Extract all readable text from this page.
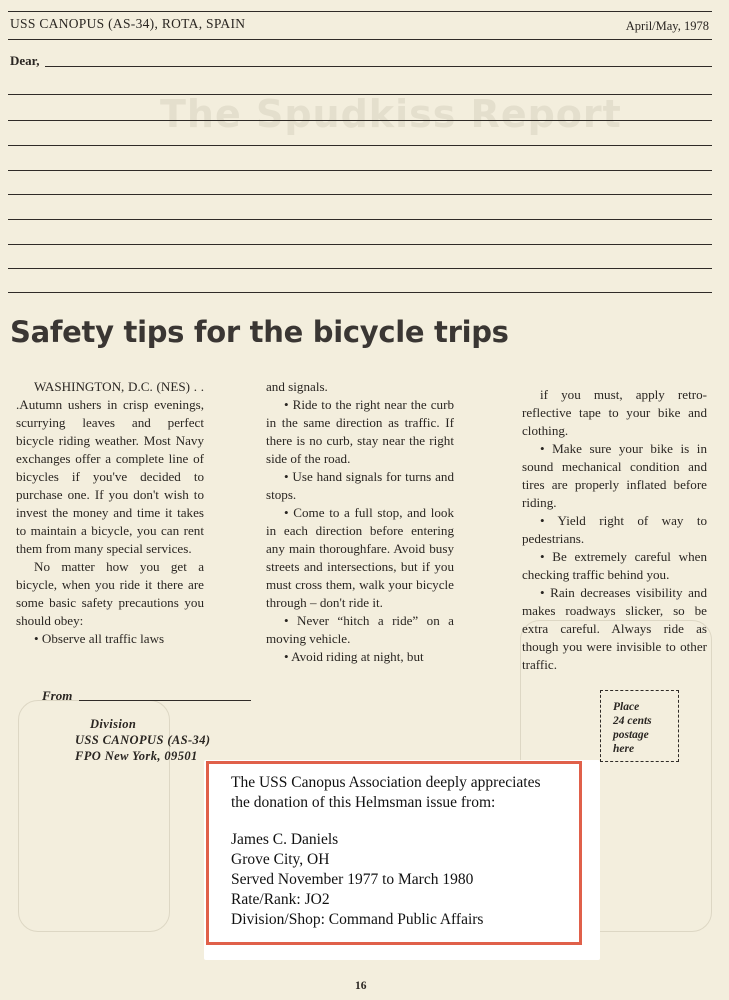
The Spudkiss Report
USS CANOPUS (AS-34), ROTA, SPAIN	April/May, 1978
Dear,
Safety tips for the bicycle trips

WASHINGTON, D.C. (NES) . . .Autumn ushers in crisp evenings, scurrying leaves and perfect bicycle riding weather. Most Navy exchanges offer a complete line of bicycles if you've decided to purchase one. If you don't wish to invest the money and time it takes to maintain a bicycle, you can rent them from many special services.

No matter how you get a bicycle, when you ride it there are some basic safety precautions you should obey:

• Observe all traffic laws

and signals.

• Ride to the right near the curb in the same direction as traffic. If there is no curb, stay near the right side of the road.

• Use hand signals for turns and stops.

• Come to a full stop, and look in each direction before entering any main thoroughfare. Avoid busy streets and intersections, but if you must cross them, walk your bicycle through – don't ride it.

• Never “hitch a ride” on a moving vehicle.

• Avoid riding at night, but

if you must, apply retro-reflective tape to your bike and clothing.

• Make sure your bike is in sound mechanical condition and tires are properly inflated before riding.

• Yield right of way to pedestrians.

• Be extremely careful when checking traffic behind you.

• Rain decreases visibility and makes roadways slicker, so be extra careful. Always ride as though you were invisible to other traffic.

From
Division
USS CANOPUS (AS-34)
FPO New York, 09501
Place
24 cents
postage
here
The USS Canopus Association deeply appreciates
the donation of this Helmsman issue from:
James C. Daniels
Grove City, OH
Served November 1977 to March 1980
Rate/Rank: JO2
Division/Shop: Command Public Affairs
16
